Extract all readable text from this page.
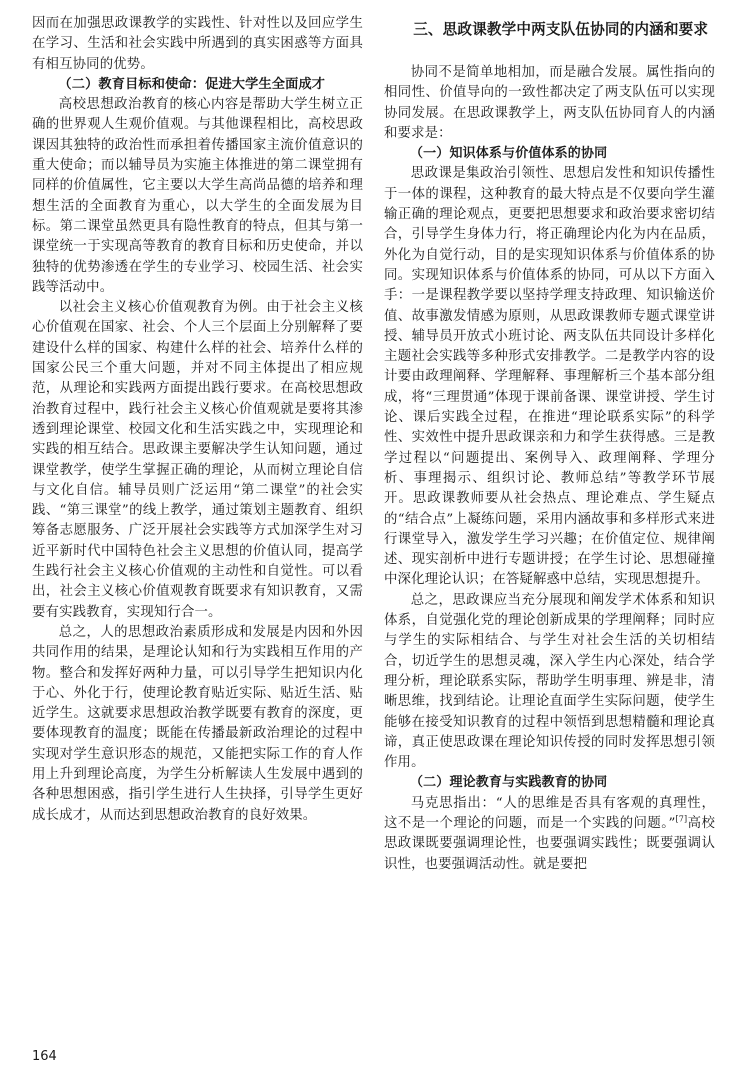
因而在加强思政课教学的实践性、针对性以及回应学生在学习、生活和社会实践中所遇到的真实困惑等方面具有相互协同的优势。

（二）教育目标和使命：促进大学生全面成才

高校思想政治教育的核心内容是帮助大学生树立正确的世界观人生观价值观。与其他课程相比，高校思政课因其独特的政治性而承担着传播国家主流价值意识的重大使命；而以辅导员为实施主体推进的第二课堂拥有同样的价值属性，它主要以大学生高尚品德的培养和理想生活的全面教育为重心，以大学生的全面发展为目标。第二课堂虽然更具有隐性教育的特点，但其与第一课堂统一于实现高等教育的教育目标和历史使命，并以独特的优势渗透在学生的专业学习、校园生活、社会实践等活动中。

以社会主义核心价值观教育为例。由于社会主义核心价值观在国家、社会、个人三个层面上分别解释了要建设什么样的国家、构建什么样的社会、培养什么样的国家公民三个重大问题，并对不同主体提出了相应规范，从理论和实践两方面提出践行要求。在高校思想政治教育过程中，践行社会主义核心价值观就是要将其渗透到理论课堂、校园文化和生活实践之中，实现理论和实践的相互结合。思政课主要解决学生认知问题，通过课堂教学，使学生掌握正确的理论，从而树立理论自信与文化自信。辅导员则广泛运用“第二课堂”的社会实践、“第三课堂”的线上教学，通过策划主题教育、组织筹备志愿服务、广泛开展社会实践等方式加深学生对习近平新时代中国特色社会主义思想的价值认同，提高学生践行社会主义核心价值观的主动性和自觉性。可以看出，社会主义核心价值观教育既要求有知识教育，又需要有实践教育，实现知行合一。

总之，人的思想政治素质形成和发展是内因和外因共同作用的结果，是理论认知和行为实践相互作用的产物。整合和发挥好两种力量，可以引导学生把知识内化于心、外化于行，使理论教育贴近实际、贴近生活、贴近学生。这就要求思想政治教学既要有教育的深度，更要体现教育的温度；既能在传播最新政治理论的过程中实现对学生意识形态的规范，又能把实际工作的育人作用上升到理论高度，为学生分析解读人生发展中遇到的各种思想困惑，指引学生进行人生抉择，引导学生更好成长成才，从而达到思想政治教育的良好效果。

三、思政课教学中两支队伍协同的内涵和要求

协同不是简单地相加，而是融合发展。属性指向的相同性、价值导向的一致性都决定了两支队伍可以实现协同发展。在思政课教学上，两支队伍协同育人的内涵和要求是：

（一）知识体系与价值体系的协同

思政课是集政治引领性、思想启发性和知识传播性于一体的课程，这种教育的最大特点是不仅要向学生灌输正确的理论观点，更要把思想要求和政治要求密切结合，引导学生身体力行，将正确理论内化为内在品质，外化为自觉行动，目的是实现知识体系与价值体系的协同。实现知识体系与价值体系的协同，可从以下方面入手：一是课程教学要以坚持学理支持政理、知识输送价值、故事激发情感为原则，从思政课教师专题式课堂讲授、辅导员开放式小班讨论、两支队伍共同设计多样化主题社会实践等多种形式安排教学。二是教学内容的设计要由政理阐释、学理解释、事理解析三个基本部分组成，将“三理贯通”体现于课前备课、课堂讲授、学生讨论、课后实践全过程，在推进“理论联系实际”的科学性、实效性中提升思政课亲和力和学生获得感。三是教学过程以“问题提出、案例导入、政理阐释、学理分析、事理揭示、组织讨论、教师总结”等教学环节展开。思政课教师要从社会热点、理论难点、学生疑点的“结合点”上凝练问题，采用内涵故事和多样形式来进行课堂导入，激发学生学习兴趣；在价值定位、规律阐述、现实剖析中进行专题讲授；在学生讨论、思想碰撞中深化理论认识；在答疑解惑中总结，实现思想提升。

总之，思政课应当充分展现和阐发学术体系和知识体系，自觉强化党的理论创新成果的学理阐释；同时应与学生的实际相结合、与学生对社会生活的关切相结合，切近学生的思想灵魂，深入学生内心深处，结合学理分析，理论联系实际，帮助学生明事理、辨是非，清晰思维，找到结论。让理论直面学生实际问题，使学生能够在接受知识教育的过程中领悟到思想精髓和理论真谛，真正使思政课在理论知识传授的同时发挥思想引领作用。

（二）理论教育与实践教育的协同

马克思指出：“人的思维是否具有客观的真理性，这不是一个理论的问题，而是一个实践的问题。”[7]高校思政课既要强调理论性，也要强调实践性；既要强调认识性，也要强调活动性。就是要把

164
